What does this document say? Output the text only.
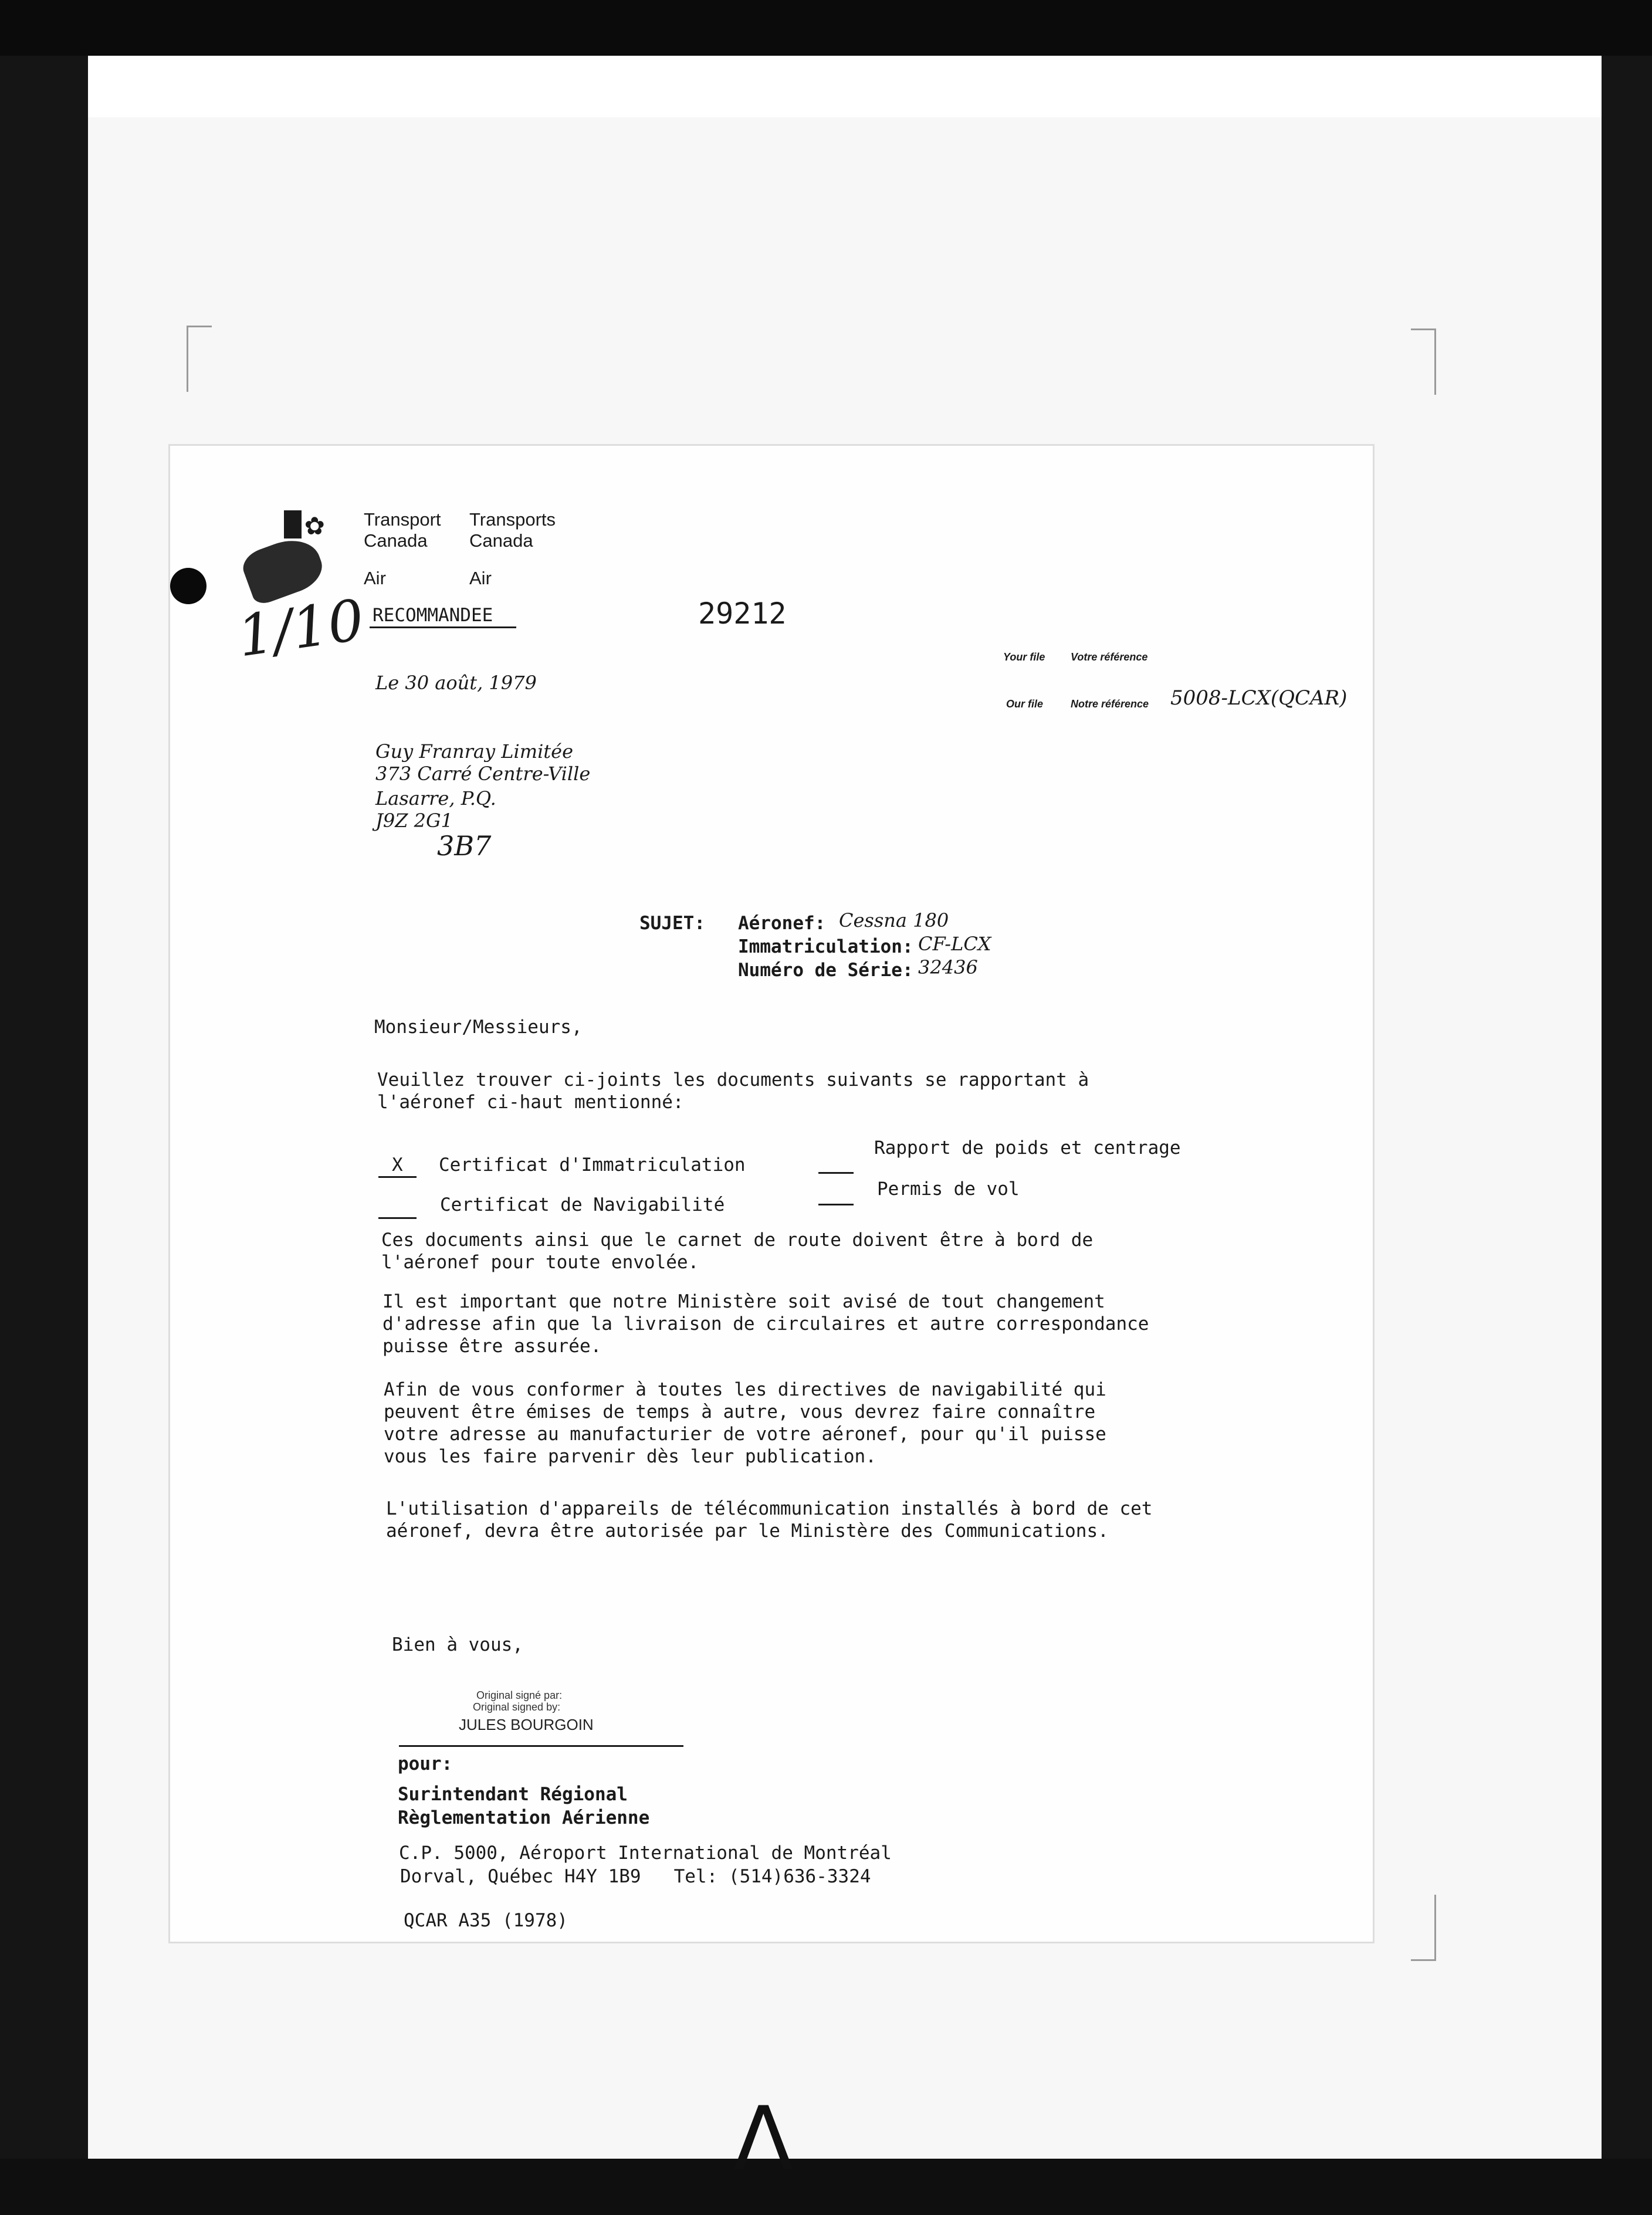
✿ Transport
Canada
Transports
Canada
Air	Air
1/10 RECOMMANDEE	29212
Le 30 août, 1979
Your file Votre référence
Our file	Notre référence 5008-LCX(QCAR)
Guy Franray Limitée
373 Carré Centre-Ville
Lasarre, P.Q.
J9Z 2G1
3B7
SUJET: Aéronef: Cessna 180
Immatriculation: CF-LCX
Numéro de Série: 32436
Monsieur/Messieurs,
Veuillez trouver ci-joints les documents suivants se rapportant à
l'aéronef ci-haut mentionné:
X Certificat d'Immatriculation
Rapport de poids et centrage
Certificat de Navigabilité
Permis de vol
Ces documents ainsi que le carnet de route doivent être à bord de
l'aéronef pour toute envolée.
Il est important que notre Ministère soit avisé de tout changement
d'adresse afin que la livraison de circulaires et autre correspondance
puisse être assurée.
Afin de vous conformer à toutes les directives de navigabilité qui
peuvent être émises de temps à autre, vous devrez faire connaître
votre adresse au manufacturier de votre aéronef, pour qu'il puisse
vous les faire parvenir dès leur publication.
L'utilisation d'appareils de télécommunication installés à bord de cet
aéronef, devra être autorisée par le Ministère des Communications.
Bien à vous,
Original signé par:
Original signed by:
JULES BOURGOIN
pour:
Surintendant Régional
Règlementation Aérienne
C.P. 5000, Aéroport International de Montréal
Dorval, Québec H4Y 1B9   Tel: (514)636-3324
QCAR A35 (1978)
ⴷ
